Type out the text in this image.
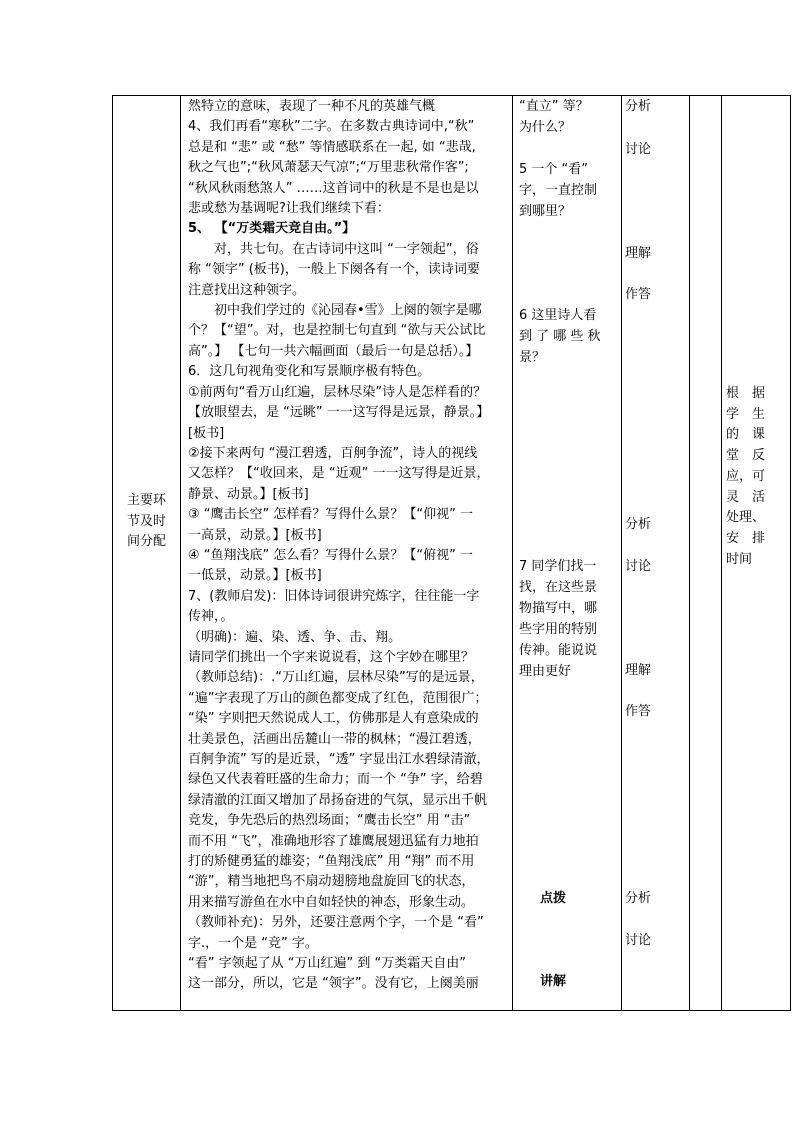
主要环
节及时
间分配

然特立的意味，表现了一种不凡的英雄气概

4、我们再看“寒秋”二字。在多数古典诗词中,“秋”

总是和 “悲” 或 “愁” 等情感联系在一起, 如 “悲哉,

秋之气也”;“秋风萧瑟天气凉”;“万里悲秋常作客”;

“秋风秋雨愁煞人” ……这首词中的秋是不是也是以

悲或愁为基调呢?让我们继续下看：

5、 【“万类霜天竞自由。”】

对，共七句。在古诗词中这叫 “一字领起”，俗

称 “领字” (板书)，一般上下阕各有一个，读诗词要

注意找出这种领字。

初中我们学过的《沁园春•雪》上阕的领字是哪

个？【“望”。对，也是控制七句直到 “欲与天公试比

高”。】 【七句一共六幅画面（最后一句是总括）。】

6．这几句视角变化和写景顺序极有特色。

①前两句“看万山红遍，层林尽染”诗人是怎样看的？

【放眼望去，是 “远眺” 一一这写得是远景，静景。】

[板书]

②接下来两句 “漫江碧透，百舸争流”，诗人的视线

又怎样？【“收回来，是 “近观” 一一这写得是近景，

静景、动景。】[板书]

③ “鹰击长空” 怎样看？写得什么景？【“仰视” 一

一高景，动景。】[板书]

④ “鱼翔浅底” 怎么看？写得什么景？【“俯视” 一

一低景，动景。】[板书]

7、(教师启发)：旧体诗词很讲究炼字，往往能一字

传神，。

（明确)：遍、染、透、争、击、翔。

请同学们挑出一个字来说说看，这个字妙在哪里？

（教师总结)：.“万山红遍，层林尽染”写的是远景，

“遍”字表现了万山的颜色都变成了红色，范围很广；

“染” 字则把天然说成人工，仿佛那是人有意染成的

壮美景色，活画出岳麓山一带的枫林；“漫江碧透，

百舸争流” 写的是近景，“透” 字显出江水碧绿清澈，

绿色又代表着旺盛的生命力；而一个 “争” 字，给碧

绿清澈的江面又增加了昂扬奋进的气氛，显示出千帆

竞发，争先恐后的热烈场面；“鹰击长空” 用 “击”

而不用 “飞”，准确地形容了雄鹰展翅迅猛有力地拍

打的矫健勇猛的雄姿；“鱼翔浅底” 用 “翔” 而不用

“游”，精当地把鸟不扇动翅膀地盘旋回飞的状态，

用来描写游鱼在水中自如轻快的神态，形象生动。

（教师补充)：另外，还要注意两个字，一个是 “看”

字.，一个是 “竞” 字。

“看” 字领起了从 “万山红遍” 到 “万类霜天自由”

这一部分，所以，它是 “领字”。没有它，上阕美丽

“直立” 等？

为什么？

5 一个 “看”

字，一直控制

到哪里？

6 这里诗人看

到 了 哪 些 秋

景？

7 同学们找一

找，在这些景

物描写中，哪

些字用的特别

传神。能说说

理由更好

点拨

讲解

分析

讨论

理解

作答

分析

讨论

理解

作答

分析

讨论

根　据
学　生
的　课
堂　反
应，可
灵　活
处理、
安　排
时间
